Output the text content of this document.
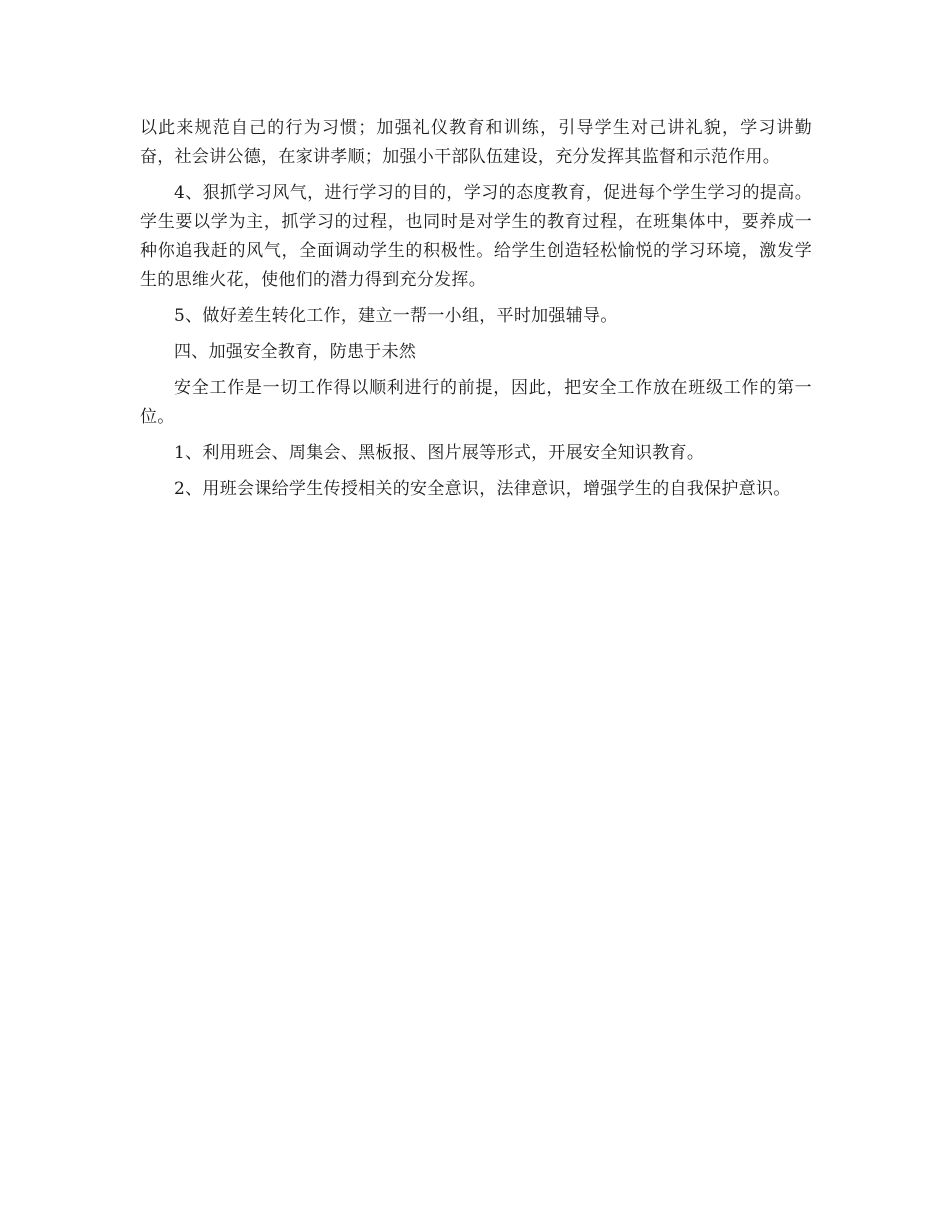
以此来规范自己的行为习惯；加强礼仪教育和训练，引导学生对己讲礼貌，学习讲勤奋，社会讲公德，在家讲孝顺；加强小干部队伍建设，充分发挥其监督和示范作用。

4、狠抓学习风气，进行学习的目的，学习的态度教育，促进每个学生学习的提高。学生要以学为主，抓学习的过程，也同时是对学生的教育过程，在班集体中，要养成一种你追我赶的风气，全面调动学生的积极性。给学生创造轻松愉悦的学习环境，激发学生的思维火花，使他们的潜力得到充分发挥。

5、做好差生转化工作，建立一帮一小组，平时加强辅导。

四、加强安全教育，防患于未然

安全工作是一切工作得以顺利进行的前提，因此，把安全工作放在班级工作的第一位。

1、利用班会、周集会、黑板报、图片展等形式，开展安全知识教育。

2、用班会课给学生传授相关的安全意识，法律意识，增强学生的自我保护意识。
